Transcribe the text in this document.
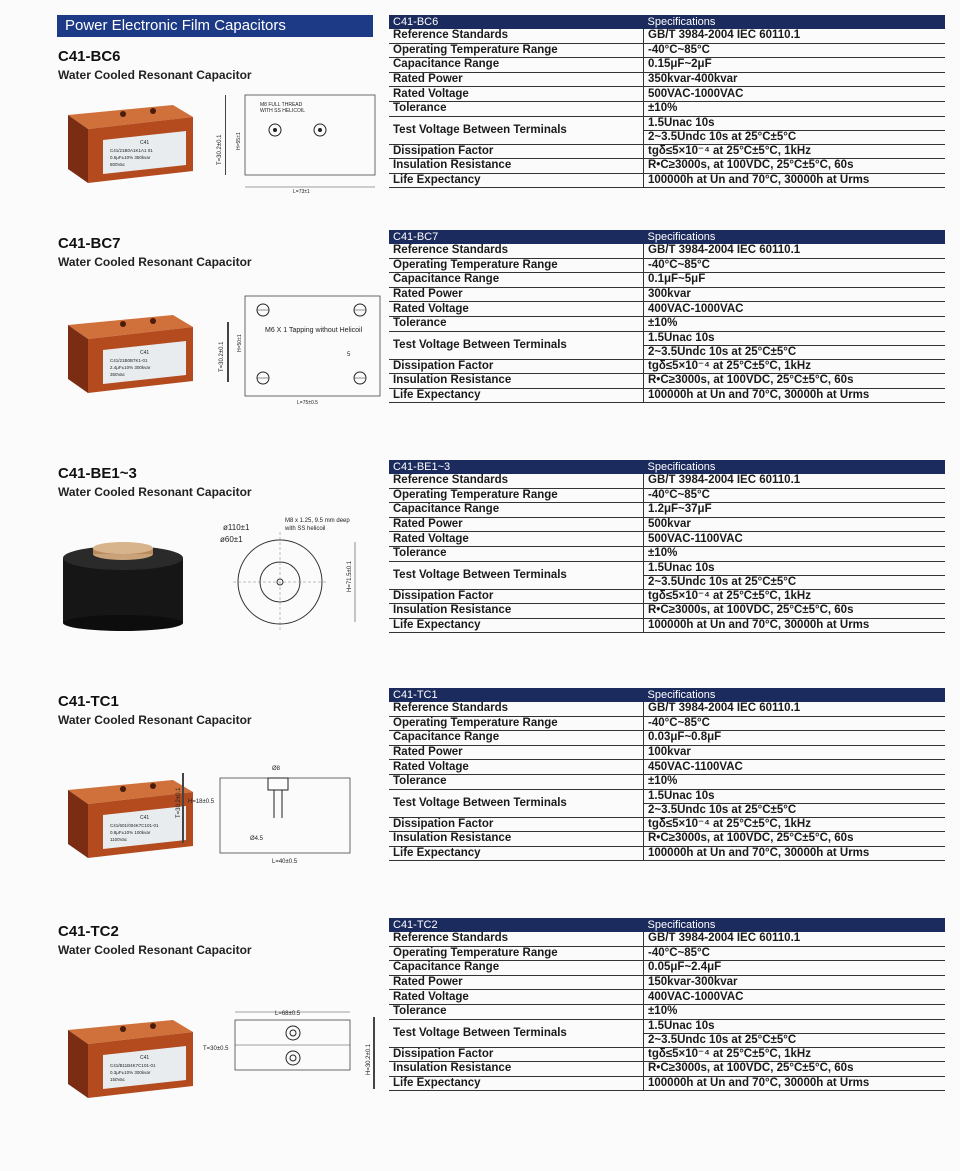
Power Electronic Film Capacitors
C41-BC6
Water Cooled Resonant Capacitor
C41
C41/21B0A1K1A1 01
0.6μF±10% 350kvar
800Vac
M8 FULL THREAD
WITH SS HELICOIL
L=73±1
H=55±1
T=30.2±0.1
C41-BC6	Specifications
Reference Standards	GB/T 3984-2004 IEC 60110.1
Operating Temperature Range	-40°C~85°C
Capacitance Range	0.15μF~2μF
Rated Power	350kvar-400kvar
Rated Voltage	500VAC-1000VAC
Tolerance	±10%
Test Voltage Between Terminals	1.5Unac 10s
2~3.5Undc 10s at 25°C±5°C

Dissipation Factor	tgδ≤5×10⁻⁴ at 25°C±5°C, 1kHz
Insulation Resistance	R•C≥3000s, at 100VDC, 25°C±5°C, 60s
Life Expectancy	100000h at Un and 70°C, 30000h at Urms
C41-BC7
Water Cooled Resonant Capacitor
C41
C41/21B0B7K1-01
2.4μF±10% 300kvar
350Vac
M6 X 1 Tapping without Helicoil
5
L=75±0.5
H=50±1
T=30.2±0.1
C41-BC7	Specifications
Reference Standards	GB/T 3984-2004 IEC 60110.1
Operating Temperature Range	-40°C~85°C
Capacitance Range	0.1μF~5μF
Rated Power	300kvar
Rated Voltage	400VAC-1000VAC
Tolerance	±10%
Test Voltage Between Terminals	1.5Unac 10s
2~3.5Undc 10s at 25°C±5°C

Dissipation Factor	tgδ≤5×10⁻⁴ at 25°C±5°C, 1kHz
Insulation Resistance	R•C≥3000s, at 100VDC, 25°C±5°C, 60s
Life Expectancy	100000h at Un and 70°C, 30000h at Urms
C41-BE1~3
Water Cooled Resonant Capacitor
ø110±1
ø60±1
M8 x 1.25, 9.5 mm deep
with SS helicoil
H=71.5±0.1
C41-BE1~3	Specifications
Reference Standards	GB/T 3984-2004 IEC 60110.1
Operating Temperature Range	-40°C~85°C
Capacitance Range	1.2μF~37μF
Rated Power	500kvar
Rated Voltage	500VAC-1100VAC
Tolerance	±10%
Test Voltage Between Terminals	1.5Unac 10s
2~3.5Undc 10s at 25°C±5°C

Dissipation Factor	tgδ≤5×10⁻⁴ at 25°C±5°C, 1kHz
Insulation Resistance	R•C≥3000s, at 100VDC, 25°C±5°C, 60s
Life Expectancy	100000h at Un and 70°C, 30000h at Urms
C41-TC1
Water Cooled Resonant Capacitor
C41
C41/601/004K7C101-01
0.8μF±10% 100kvar
1100Vac
Ø8
H=18±0.5
Ø4.5
L=40±0.5
T=30.2±0.1
C41-TC1	Specifications
Reference Standards	GB/T 3984-2004 IEC 60110.1
Operating Temperature Range	-40°C~85°C
Capacitance Range	0.03μF~0.8μF
Rated Power	100kvar
Rated Voltage	450VAC-1100VAC
Tolerance	±10%
Test Voltage Between Terminals	1.5Unac 10s
2~3.5Undc 10s at 25°C±5°C

Dissipation Factor	tgδ≤5×10⁻⁴ at 25°C±5°C, 1kHz
Insulation Resistance	R•C≥3000s, at 100VDC, 25°C±5°C, 60s
Life Expectancy	100000h at Un and 70°C, 30000h at Urms
C41-TC2
Water Cooled Resonant Capacitor
C41
C41/B11B4K7C101-01
0.3μF±10% 300kvar
150Vac
L=68±0.5
T=30±0.5	H=30.2±0.1
C41-TC2	Specifications
Reference Standards	GB/T 3984-2004 IEC 60110.1
Operating Temperature Range	-40°C~85°C
Capacitance Range	0.05μF~2.4μF
Rated Power	150kvar-300kvar
Rated Voltage	400VAC-1000VAC
Tolerance	±10%
Test Voltage Between Terminals	1.5Unac 10s
2~3.5Undc 10s at 25°C±5°C

Dissipation Factor	tgδ≤5×10⁻⁴ at 25°C±5°C, 1kHz
Insulation Resistance	R•C≥3000s, at 100VDC, 25°C±5°C, 60s
Life Expectancy	100000h at Un and 70°C, 30000h at Urms
